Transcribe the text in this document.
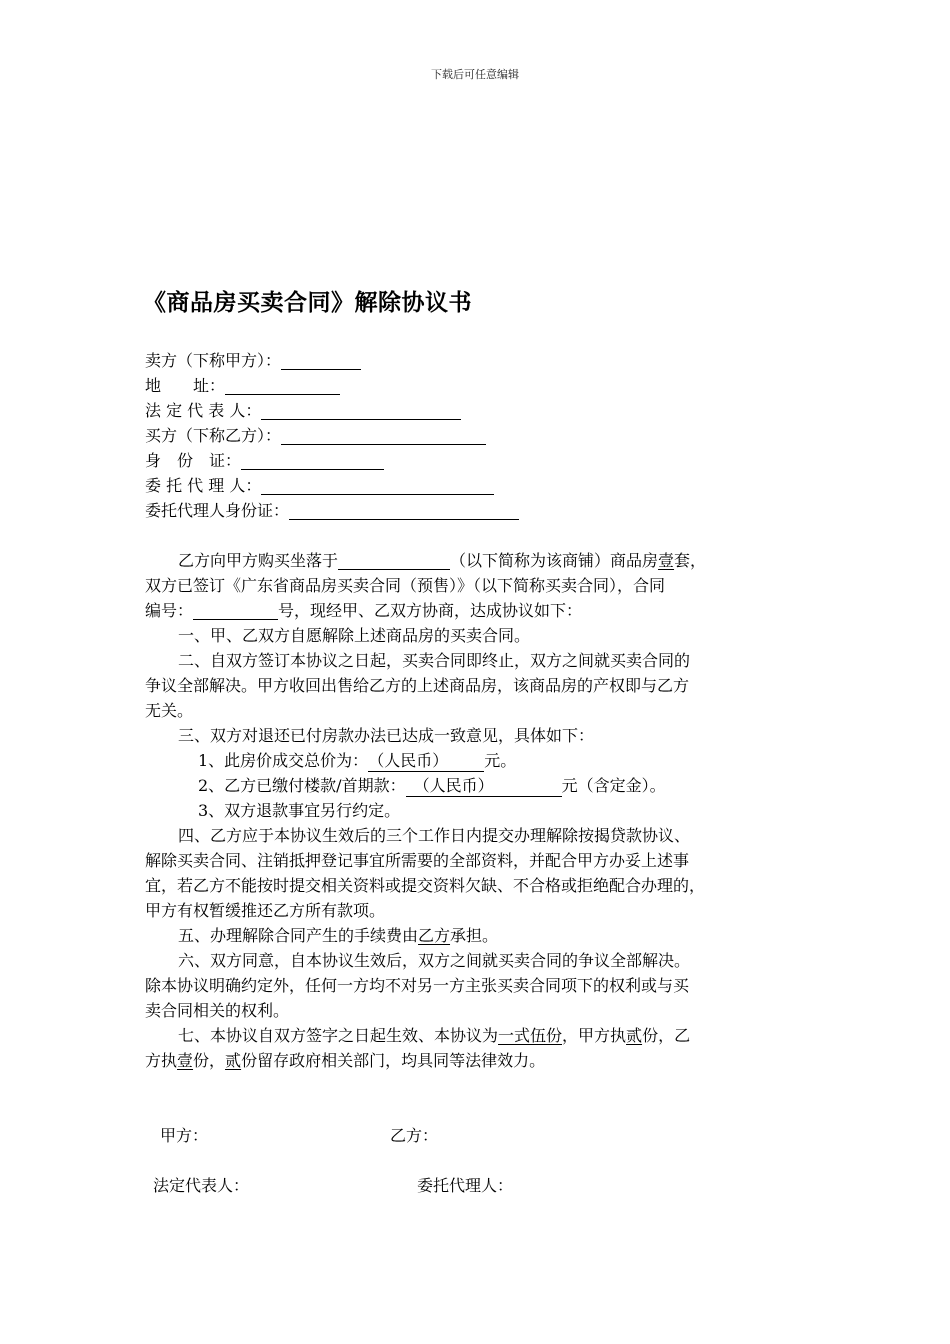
下载后可任意编辑
《商品房买卖合同》解除协议书
卖方（下称甲方）：
地　　址：
法 定 代 表 人：
买方（下称乙方）：
身　份　证：
委 托 代 理 人：
委托代理人身份证：
乙方向甲方购买坐落于	（以下简称为该商铺）商品房壹套，
双方已签订《广东省商品房买卖合同（预售）》（以下简称买卖合同），合同
编号：	号，现经甲、乙双方协商，达成协议如下：
一、甲、乙双方自愿解除上述商品房的买卖合同。
二、自双方签订本协议之日起，买卖合同即终止，双方之间就买卖合同的
争议全部解决。甲方收回出售给乙方的上述商品房，该商品房的产权即与乙方
无关。
三、双方对退还已付房款办法已达成一致意见，具体如下：
1、此房价成交总价为：（人民币） 元。
2、乙方已缴付楼款/首期款： （人民币）	元（含定金）。
3、双方退款事宜另行约定。
四、乙方应于本协议生效后的三个工作日内提交办理解除按揭贷款协议、
解除买卖合同、注销抵押登记事宜所需要的全部资料，并配合甲方办妥上述事
宜，若乙方不能按时提交相关资料或提交资料欠缺、不合格或拒绝配合办理的，
甲方有权暂缓推还乙方所有款项。
五、办理解除合同产生的手续费由乙方承担。
六、双方同意，自本协议生效后，双方之间就买卖合同的争议全部解决。
除本协议明确约定外，任何一方均不对另一方主张买卖合同项下的权利或与买
卖合同相关的权利。
七、本协议自双方签字之日起生效、本协议为一式伍份，甲方执贰份，乙
方执壹份，贰份留存政府相关部门，均具同等法律效力。
甲方：	乙方：
法定代表人：	委托代理人：
